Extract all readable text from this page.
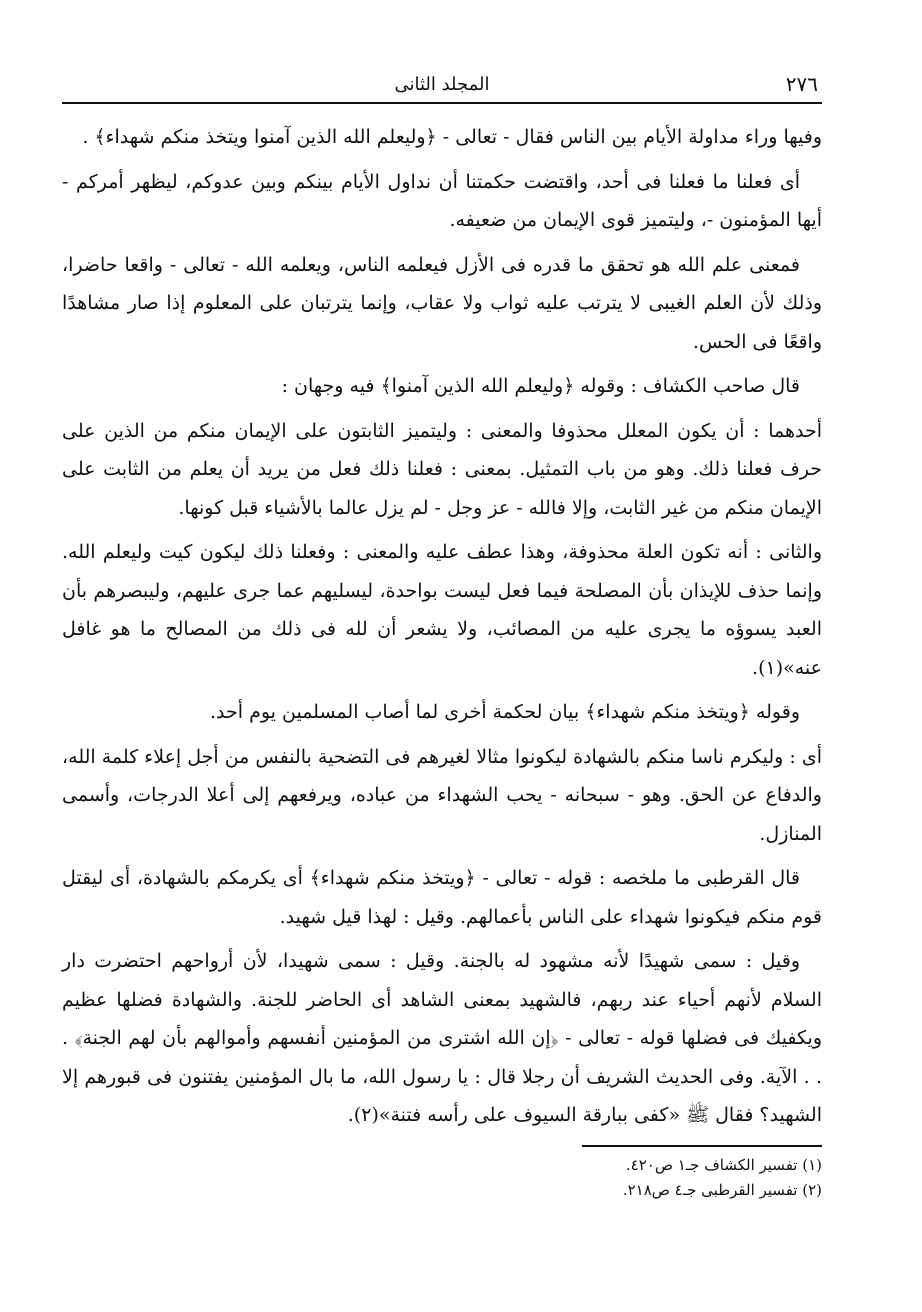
٢٧٦
المجلد الثانى

وفيها وراء مداولة الأيام بين الناس فقال - تعالى - ﴿وليعلم الله الذين آمنوا ويتخذ منكم شهداء﴾ .

أى فعلنا ما فعلنا فى أحد، واقتضت حكمتنا أن نداول الأيام بينكم وبين عدوكم، ليظهر أمركم - أيها المؤمنون -، وليتميز قوى الإيمان من ضعيفه.

فمعنى علم الله هو تحقق ما قدره فى الأزل فيعلمه الناس، ويعلمه الله - تعالى - واقعا حاضرا، وذلك لأن العلم الغيبى لا يترتب عليه ثواب ولا عقاب، وإنما يترتبان على المعلوم إذا صار مشاهدًا واقعًا فى الحس.

قال صاحب الكشاف : وقوله ﴿وليعلم الله الذين آمنوا﴾ فيه وجهان :

أحدهما : أن يكون المعلل محذوفا والمعنى : وليتميز الثابتون على الإيمان منكم من الذين على حرف فعلنا ذلك. وهو من باب التمثيل. بمعنى : فعلنا ذلك فعل من يريد أن يعلم من الثابت على الإيمان منكم من غير الثابت، وإلا فالله - عز وجل - لم يزل عالما بالأشياء قبل كونها.

والثانى : أنه تكون العلة محذوفة، وهذا عطف عليه والمعنى : وفعلنا ذلك ليكون كيت وليعلم الله. وإنما حذف للإيذان بأن المصلحة فيما فعل ليست بواحدة، ليسليهم عما جرى عليهم، وليبصرهم بأن العبد يسوؤه ما يجرى عليه من المصائب، ولا يشعر أن لله فى ذلك من المصالح ما هو غافل عنه»(١).

وقوله ﴿ويتخذ منكم شهداء﴾ بيان لحكمة أخرى لما أصاب المسلمين يوم أحد.

أى : وليكرم ناسا منكم بالشهادة ليكونوا مثالا لغيرهم فى التضحية بالنفس من أجل إعلاء كلمة الله، والدفاع عن الحق. وهو - سبحانه - يحب الشهداء من عباده، ويرفعهم إلى أعلا الدرجات، وأسمى المنازل.

قال القرطبى ما ملخصه : قوله - تعالى - ﴿ويتخذ منكم شهداء﴾ أى يكرمكم بالشهادة، أى ليقتل قوم منكم فيكونوا شهداء على الناس بأعمالهم. وقيل : لهذا قيل شهيد.

وقيل : سمى شهيدًا لأنه مشهود له بالجنة. وقيل : سمى شهيدا، لأن أرواحهم احتضرت دار السلام لأنهم أحياء عند ربهم، فالشهيد بمعنى الشاهد أى الحاضر للجنة. والشهادة فضلها عظيم ويكفيك فى فضلها قوله - تعالى - ﴿إن الله اشترى من المؤمنين أنفسهم وأموالهم بأن لهم الجنة﴾ . . . الآية. وفى الحديث الشريف أن رجلا قال : يا رسول الله، ما بال المؤمنين يفتنون فى قبورهم إلا الشهيد؟ فقال ﷺ «كفى ببارقة السيوف على رأسه فتنة»(٢).

(١) تفسير الكشاف جـ١ ص٤٢٠.
(٢) تفسير القرطبى جـ٤ ص٢١٨.
